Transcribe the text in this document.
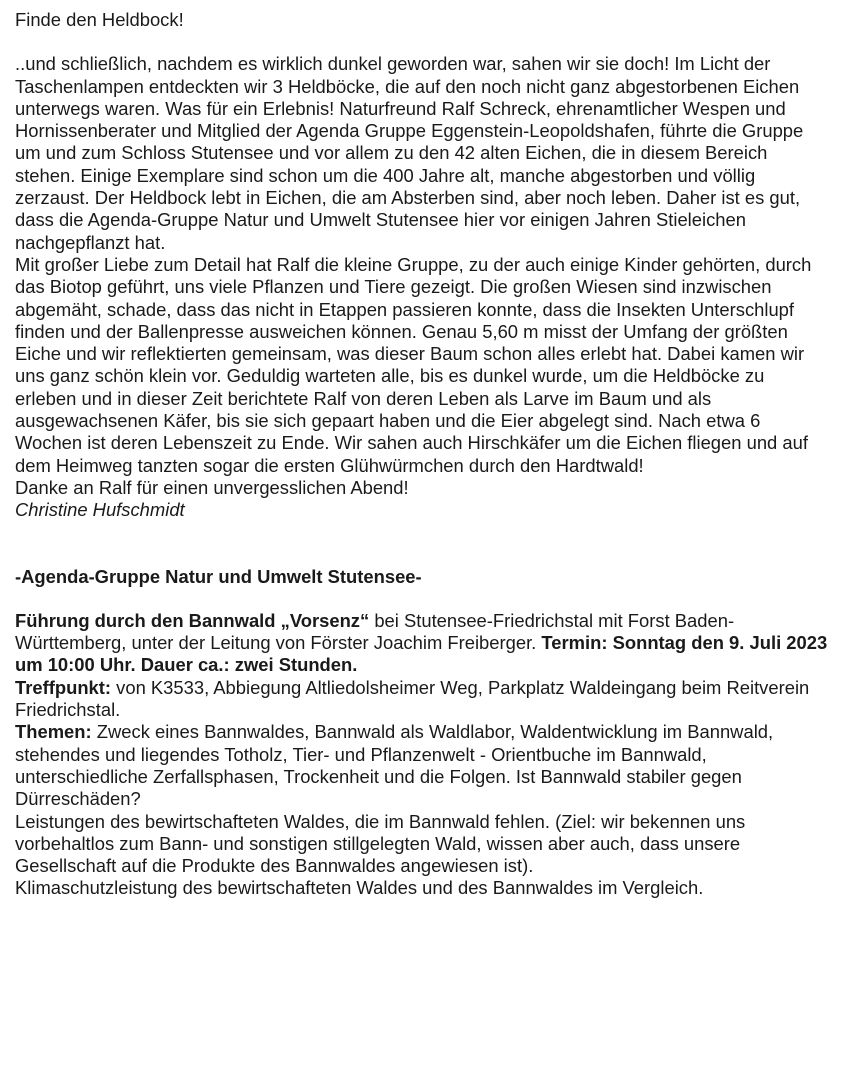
Finde den Heldbock!

..und schließlich, nachdem es wirklich dunkel geworden war, sahen wir sie doch! Im Licht der Taschenlampen entdeckten wir 3 Heldböcke, die auf den noch nicht ganz abgestorbenen Eichen unterwegs waren. Was für ein Erlebnis! Naturfreund Ralf Schreck, ehrenamtlicher Wespen und Hornissenberater und Mitglied der Agenda Gruppe Eggenstein-Leopoldshafen, führte die Gruppe um und zum Schloss Stutensee und vor allem zu den 42 alten Eichen, die in diesem Bereich stehen. Einige Exemplare sind schon um die 400 Jahre alt, manche abgestorben und völlig zerzaust. Der Heldbock lebt in Eichen, die am Absterben sind, aber noch leben. Daher ist es gut, dass die Agenda-Gruppe Natur und Umwelt Stutensee hier vor einigen Jahren Stieleichen nachgepflanzt hat.

Mit großer Liebe zum Detail hat Ralf die kleine Gruppe, zu der auch einige Kinder gehörten, durch das Biotop geführt, uns viele Pflanzen und Tiere gezeigt. Die großen Wiesen sind inzwischen abgemäht, schade, dass das nicht in Etappen passieren konnte, dass die Insekten Unterschlupf finden und der Ballenpresse ausweichen können. Genau 5,60 m misst der Umfang der größten Eiche und wir reflektierten gemeinsam, was dieser Baum schon alles erlebt hat. Dabei kamen wir uns ganz schön klein vor. Geduldig warteten alle, bis es dunkel wurde, um die Heldböcke zu erleben und in dieser Zeit berichtete Ralf von deren Leben als Larve im Baum und als ausgewachsenen Käfer, bis sie sich gepaart haben und die Eier abgelegt sind. Nach etwa 6 Wochen ist deren Lebenszeit zu Ende. Wir sahen auch Hirschkäfer um die Eichen fliegen und auf dem Heimweg tanzten sogar die ersten Glühwürmchen durch den Hardtwald!

Danke an Ralf für einen unvergesslichen Abend!

Christine Hufschmidt

-Agenda-Gruppe Natur und Umwelt Stutensee-

Führung durch den Bannwald „Vorsenz“ bei Stutensee-Friedrichstal mit Forst Baden-Württemberg, unter der Leitung von Förster Joachim Freiberger. Termin: Sonntag den 9. Juli 2023 um 10:00 Uhr. Dauer ca.: zwei Stunden.

Treffpunkt: von K3533, Abbiegung Altliedolsheimer Weg, Parkplatz Waldeingang beim Reitverein Friedrichstal.

Themen: Zweck eines Bannwaldes, Bannwald als Waldlabor, Waldentwicklung im Bannwald, stehendes und liegendes Totholz, Tier- und Pflanzenwelt - Orientbuche im Bannwald, unterschiedliche Zerfallsphasen, Trockenheit und die Folgen. Ist Bannwald stabiler gegen Dürreschäden?

Leistungen des bewirtschafteten Waldes, die im Bannwald fehlen. (Ziel: wir bekennen uns vorbehaltlos zum Bann- und sonstigen stillgelegten Wald, wissen aber auch, dass unsere Gesellschaft auf die Produkte des Bannwaldes angewiesen ist).

Klimaschutzleistung des bewirtschafteten Waldes und des Bannwaldes im Vergleich.
